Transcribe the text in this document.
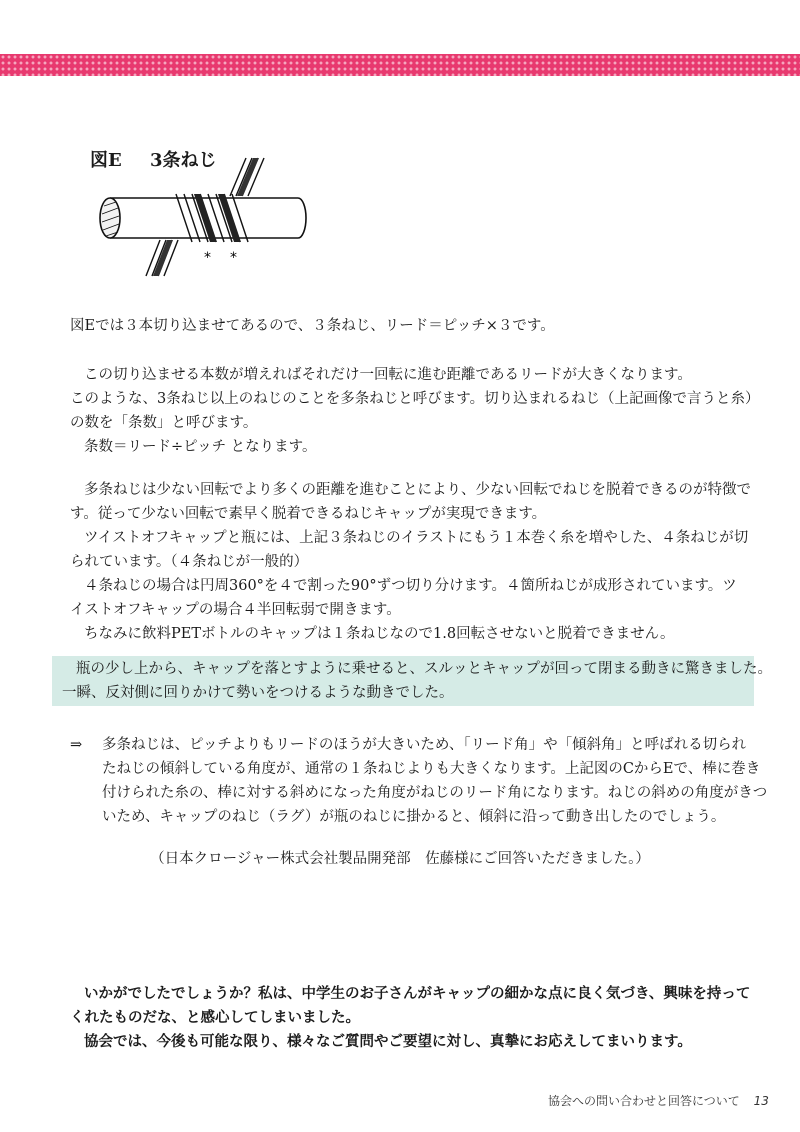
* *
図E 3条ねじ

図Eでは３本切り込ませてあるので、３条ねじ、リード＝ピッチ×３です。

この切り込ませる本数が増えればそれだけ一回転に進む距離であるリードが大きくなります。

このような、3条ねじ以上のねじのことを多条ねじと呼びます。切り込まれるねじ（上記画像で言うと糸）

の数を「条数」と呼びます。

条数＝リード÷ピッチ となります。

多条ねじは少ない回転でより多くの距離を進むことにより、少ない回転でねじを脱着できるのが特徴で

す。従って少ない回転で素早く脱着できるねじキャップが実現できます。

ツイストオフキャップと瓶には、上記３条ねじのイラストにもう１本巻く糸を増やした、４条ねじが切

られています。（４条ねじが一般的）

４条ねじの場合は円周360°を４で割った90°ずつ切り分けます。４箇所ねじが成形されています。ツ

イストオフキャップの場合４半回転弱で開きます。

ちなみに飲料PETボトルのキャップは１条ねじなので1.8回転させないと脱着できません。

瓶の少し上から、キャップを落とすように乗せると、スルッとキャップが回って閉まる動きに驚きました。

一瞬、反対側に回りかけて勢いをつけるような動きでした。

⇒	多条ねじは、ピッチよりもリードのほうが大きいため、「リード角」や「傾斜角」と呼ばれる切られ

たねじの傾斜している角度が、通常の１条ねじよりも大きくなります。上記図のCからEで、棒に巻き

付けられた糸の、棒に対する斜めになった角度がねじのリード角になります。ねじの斜めの角度がきつ

いため、キャップのねじ（ラグ）が瓶のねじに掛かると、傾斜に沿って動き出したのでしょう。

（日本クロージャー株式会社製品開発部　佐藤様にご回答いただきました。）

いかがでしたでしょうか？私は、中学生のお子さんがキャップの細かな点に良く気づき、興味を持って

くれたものだな、と感心してしまいました。

協会では、今後も可能な限り、様々なご質問やご要望に対し、真摯にお応えしてまいります。

協会への問い合わせと回答について 13
